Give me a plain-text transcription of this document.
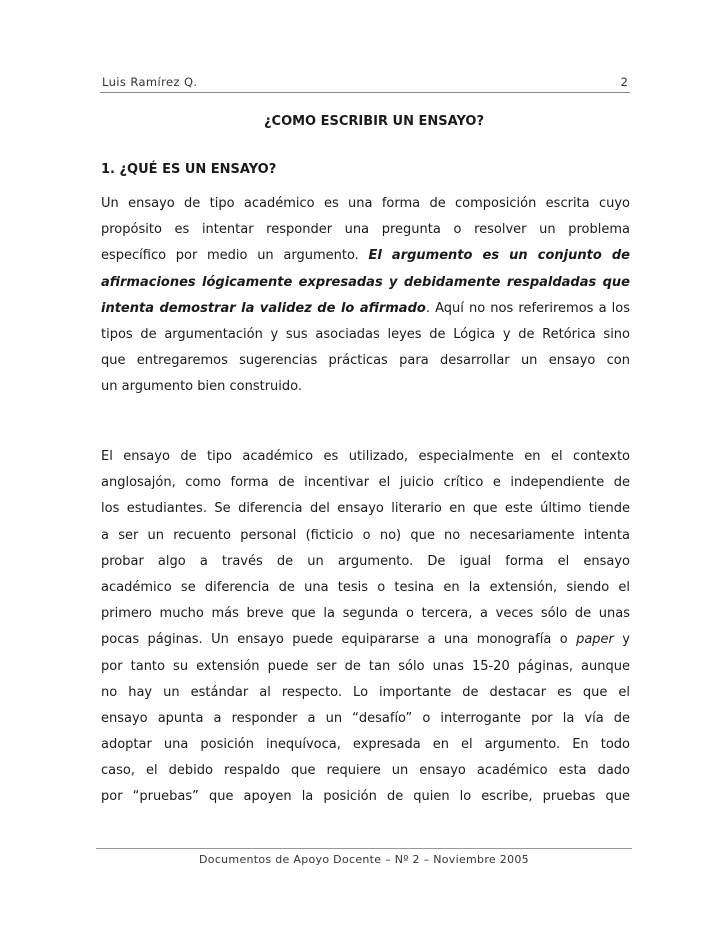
Luis Ramírez Q.	2
¿COMO ESCRIBIR UN ENSAYO?
1. ¿QUÉ ES UN ENSAYO?
Un ensayo de tipo académico es una forma de composición escrita cuyo
propósito es intentar responder una pregunta o resolver un problema
específico por medio un argumento. El argumento es un conjunto de
afirmaciones lógicamente expresadas y debidamente respaldadas que
intenta demostrar la validez de lo afirmado. Aquí no nos referiremos a los
tipos de argumentación y sus asociadas leyes de Lógica y de Retórica sino
que entregaremos sugerencias prácticas para desarrollar un ensayo con
un argumento bien construido.
El ensayo de tipo académico es utilizado, especialmente en el contexto
anglosajón, como forma de incentivar el juicio crítico e independiente de
los estudiantes. Se diferencia del ensayo literario en que este último tiende
a ser un recuento personal (ficticio o no) que no necesariamente intenta
probar algo a través de un argumento. De igual forma el ensayo
académico se diferencia de una tesis o tesina en la extensión, siendo el
primero mucho más breve que la segunda o tercera, a veces sólo de unas
pocas páginas. Un ensayo puede equipararse a una monografía o paper y
por tanto su extensión puede ser de tan sólo unas 15-20 páginas, aunque
no hay un estándar al respecto. Lo importante de destacar es que el
ensayo apunta a responder a un “desafío” o interrogante por la vía de
adoptar una posición inequívoca, expresada en el argumento. En todo
caso, el debido respaldo que requiere un ensayo académico esta dado
por “pruebas” que apoyen la posición de quien lo escribe, pruebas que
Documentos de Apoyo Docente – Nº 2 – Noviembre 2005
